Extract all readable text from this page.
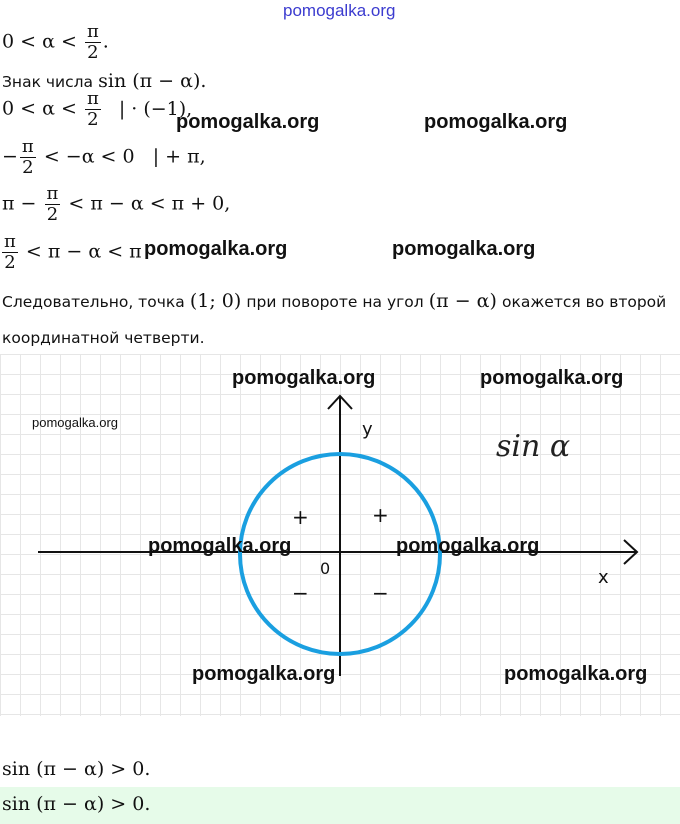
pomogalka.org
$0 < \alpha < \frac{\pi}{2}$ .
Знак числа sin (π − α).
$0 < \alpha < \frac{\pi}{2}$ | · (−1),
− $\frac{\pi}{2} < -\alpha < 0$   | + π,
$\pi - \frac{\pi}{2} < \pi - \alpha < \pi + 0$,
$\frac{\pi}{2} < \pi - \alpha < \pi$
Следовательно, точка (1; 0) при повороте на угол (π − α) окажется во второй
координатной четверти.
y
x
0
sin α
+	+
−	−
pomogalka.org	pomogalka.org
pomogalka.org	pomogalka.org
pomogalka.org	pomogalka.org
pomogalka.org
pomogalka.org	pomogalka.org
pomogalka.org	pomogalka.org
sin (π − α) > 0.
sin (π − α) > 0.
